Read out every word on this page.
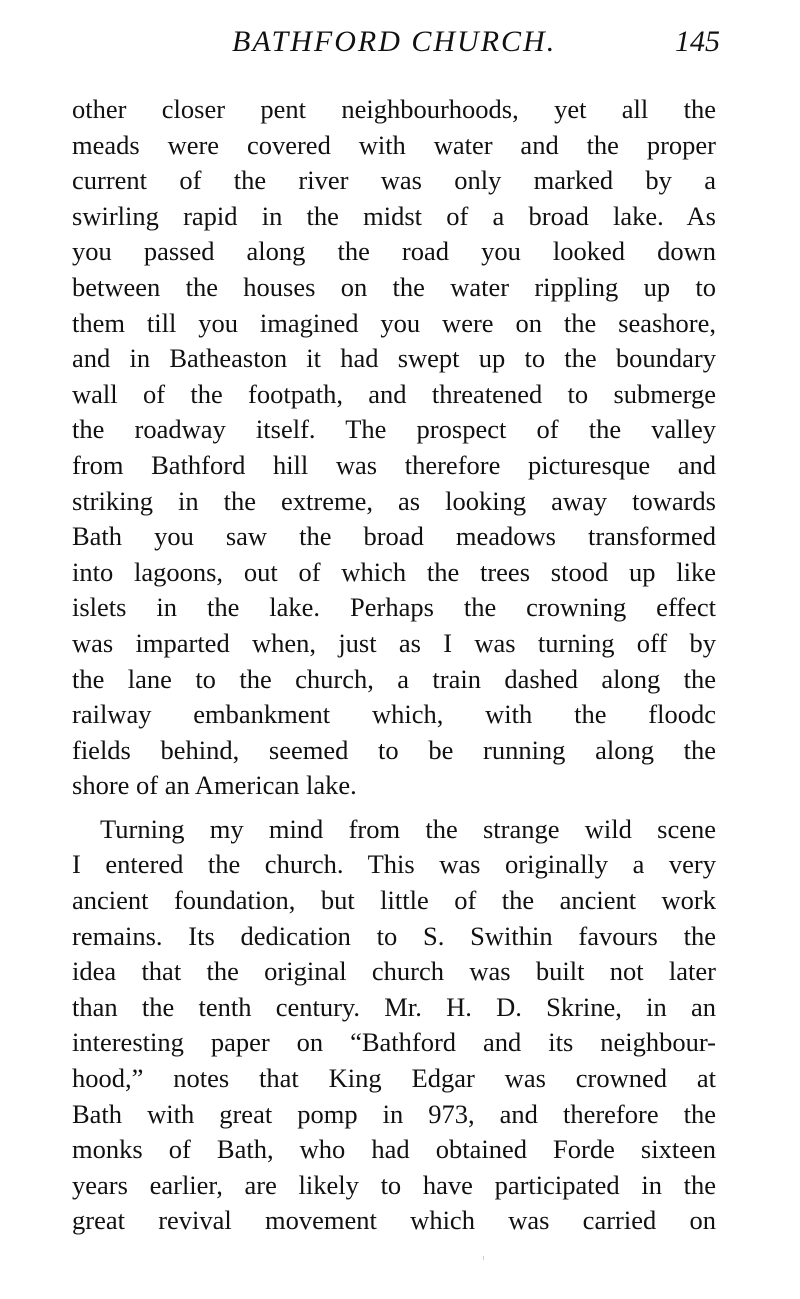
BATHFORD CHURCH.	145
other closer pent neighbourhoods, yet all the
meads were covered with water and the proper
current of the river was only marked by a
swirling rapid in the midst of a broad lake. As
you passed along the road you looked down
between the houses on the water rippling up to
them till you imagined you were on the seashore,
and in Batheaston it had swept up to the boundary
wall of the footpath, and threatened to submerge
the roadway itself. The prospect of the valley
from Bathford hill was therefore picturesque and
striking in the extreme, as looking away towards
Bath you saw the broad meadows transformed
into lagoons, out of which the trees stood up like
islets in the lake. Perhaps the crowning effect
was imparted when, just as I was turning off by
the lane to the church, a train dashed along the
railway embankment which, with the floodc
fields behind, seemed to be running along the
shore of an American lake.
Turning my mind from the strange wild scene
I entered the church. This was originally a very
ancient foundation, but little of the ancient work
remains. Its dedication to S. Swithin favours the
idea that the original church was built not later
than the tenth century. Mr. H. D. Skrine, in an
interesting paper on “Bathford and its neighbour-
hood,” notes that King Edgar was crowned at
Bath with great pomp in 973, and therefore the
monks of Bath, who had obtained Forde sixteen
years earlier, are likely to have participated in the
great revival movement which was carried on
